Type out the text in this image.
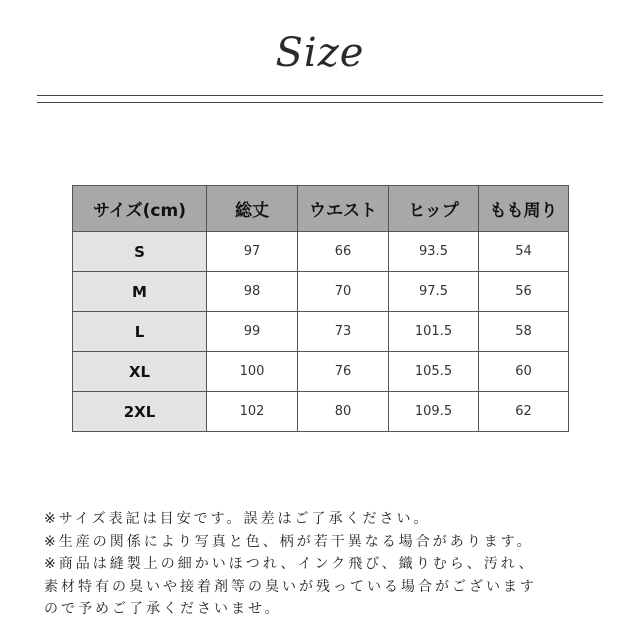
Size
サイズ(cm)	総丈	ウエスト	ヒップ	もも周り
S	97	66	93.5	54
M	98	70	97.5	56
L	99	73	101.5	58
XL	100	76	105.5	60
2XL	102	80	109.5	62
※サイズ表記は目安です。誤差はご了承ください。
※生産の関係により写真と色、柄が若干異なる場合があります。
※商品は縫製上の細かいほつれ、インク飛び、織りむら、汚れ、
素材特有の臭いや接着剤等の臭いが残っている場合がございます
ので予めご了承くださいませ。
